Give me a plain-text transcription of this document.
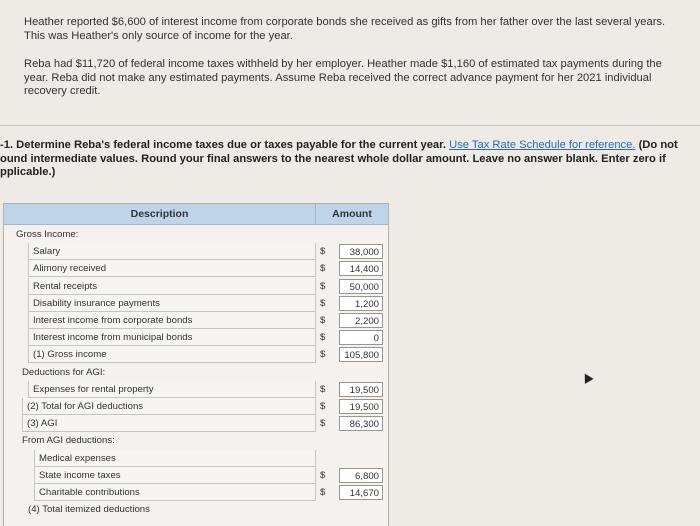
Heather reported $6,600 of interest income from corporate bonds she received as gifts from her father over the last several years. This was Heather's only source of income for the year.
Reba had $11,720 of federal income taxes withheld by her employer. Heather made $1,160 of estimated tax payments during the year. Reba did not make any estimated payments. Assume Reba received the correct advance payment for her 2021 individual recovery credit.
-1. Determine Reba's federal income taxes due or taxes payable for the current year. Use Tax Rate Schedule for reference. (Do not ound intermediate values. Round your final answers to the nearest whole dollar amount. Leave no answer blank. Enter zero if pplicable.)
Description	Amount
Gross Income:
Salary	$	38,000
Alimony received	$	14,400
Rental receipts	$	50,000
Disability insurance payments	$	1,200
Interest income from corporate bonds	$	2,200
Interest income from municipal bonds	$	0
(1) Gross income	$	105,800
Deductions for AGI:
Expenses for rental property	$	19,500
(2) Total for AGI deductions	$	19,500
(3) AGI	$	86,300
From AGI deductions:
Medical expenses
State income taxes	$	6,800
Charitable contributions	$	14,670
(4) Total itemized deductions
